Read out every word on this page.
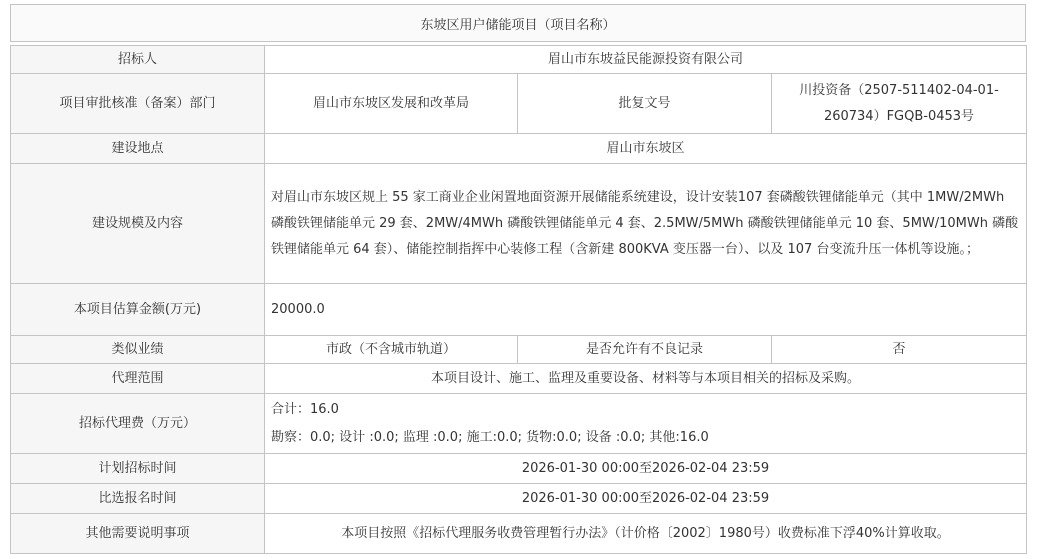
东坡区用户储能项目（项目名称）
招标人	眉山市东坡益民能源投资有限公司		
项目审批核准（备案）部门	眉山市东坡区发展和改革局	批复文号	川投资备（2507-511402-04-01-260734）FGQB-0453号
建设地点	眉山市东坡区		
建设规模及内容	对眉山市东坡区规上 55 家工商业企业闲置地面资源开展储能系统建设，设计安装107 套磷酸铁锂储能单元（其中 1MW/2MWh 磷酸铁锂储能单元 29 套、2MW/4MWh 磷酸铁锂储能单元 4 套、2.5MW/5MWh 磷酸铁锂储能单元 10 套、5MW/10MWh 磷酸铁锂储能单元 64 套）、储能控制指挥中心装修工程（含新建 800KVA 变压器一台）、以及 107 台变流升压一体机等设施。；		
本项目估算金额(万元)	20000.0		
类似业绩	市政（不含城市轨道）	是否允许有不良记录	否
代理范围	本项目设计、施工、监理及重要设备、材料等与本项目相关的招标及采购。		
招标代理费（万元）	合计：16.0
勘察：0.0; 设计 :0.0; 监理 :0.0; 施工:0.0; 货物:0.0; 设备 :0.0; 其他:16.0		

计划招标时间	2026-01-30 00:00至2026-02-04 23:59		
比选报名时间	2026-01-30 00:00至2026-02-04 23:59		
其他需要说明事项	本项目按照《招标代理服务收费管理暂行办法》（计价格〔2002〕1980号）收费标准下浮40%计算收取。		
